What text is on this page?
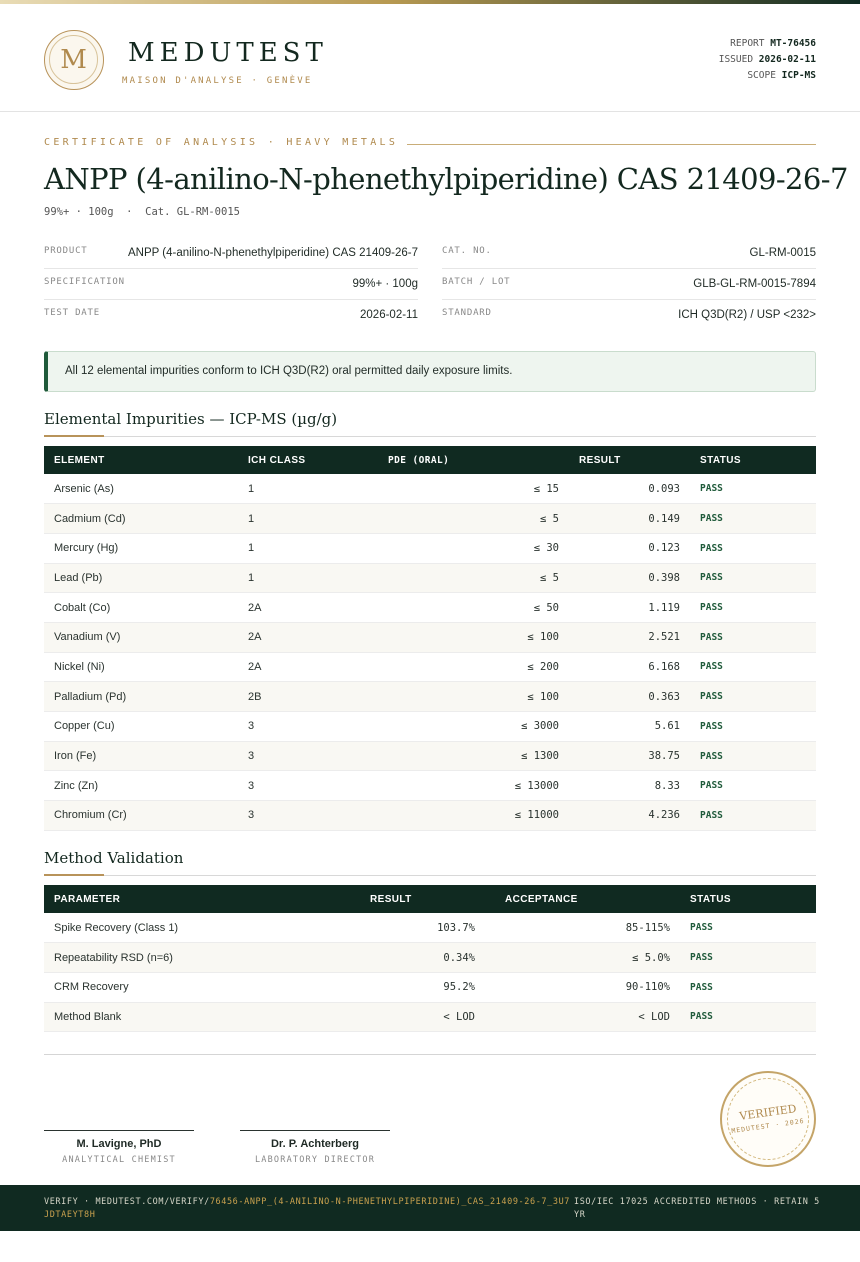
M	MEDUTEST
MAISON D'ANALYSE · GENÈVE
REPORT MT-76456
ISSUED 2026-02-11
SCOPE ICP-MS
CERTIFICATE OF ANALYSIS · HEAVY METALS
ANPP (4-anilino-N-phenethylpiperidine) CAS 21409-26-7
99%+ · 100g  ·  Cat. GL-RM-0015
PRODUCT	ANPP (4-anilino-N-phenethylpiperidine) CAS 21409-26-7
SPECIFICATION	99%+ · 100g
TEST DATE	2026-02-11
CAT. NO.	GL-RM-0015
BATCH / LOT	GLB-GL-RM-0015-7894
STANDARD	ICH Q3D(R2) / USP <232>
All 12 elemental impurities conform to ICH Q3D(R2) oral permitted daily exposure limits.
Elemental Impurities — ICP-MS (µg/g)
ELEMENT	ICH CLASS	PDE (ORAL)	RESULT	STATUS
Arsenic (As)	1	≤ 15	0.093	PASS
Cadmium (Cd)	1	≤ 5	0.149	PASS
Mercury (Hg)	1	≤ 30	0.123	PASS
Lead (Pb)	1	≤ 5	0.398	PASS
Cobalt (Co)	2A	≤ 50	1.119	PASS
Vanadium (V)	2A	≤ 100	2.521	PASS
Nickel (Ni)	2A	≤ 200	6.168	PASS
Palladium (Pd)	2B	≤ 100	0.363	PASS
Copper (Cu)	3	≤ 3000	5.61	PASS
Iron (Fe)	3	≤ 1300	38.75	PASS
Zinc (Zn)	3	≤ 13000	8.33	PASS
Chromium (Cr)	3	≤ 11000	4.236	PASS
Method Validation
PARAMETER	RESULT	ACCEPTANCE	STATUS
Spike Recovery (Class 1)	103.7%	85-115%	PASS
Repeatability RSD (n=6)	0.34%	≤ 5.0%	PASS
CRM Recovery	95.2%	90-110%	PASS
Method Blank	< LOD	< LOD	PASS
M. Lavigne, PhD
ANALYTICAL CHEMIST
Dr. P. Achterberg
LABORATORY DIRECTOR
VERIFIED
MEDUTEST · 2026
VERIFY · MEDUTEST.COM/VERIFY/76456-ANPP_(4-ANILINO-N-PHENETHYLPIPERIDINE)_CAS_21409-26-7_3U7JDTAEYT8H
ISO/IEC 17025 ACCREDITED METHODS · RETAIN 5 YR
